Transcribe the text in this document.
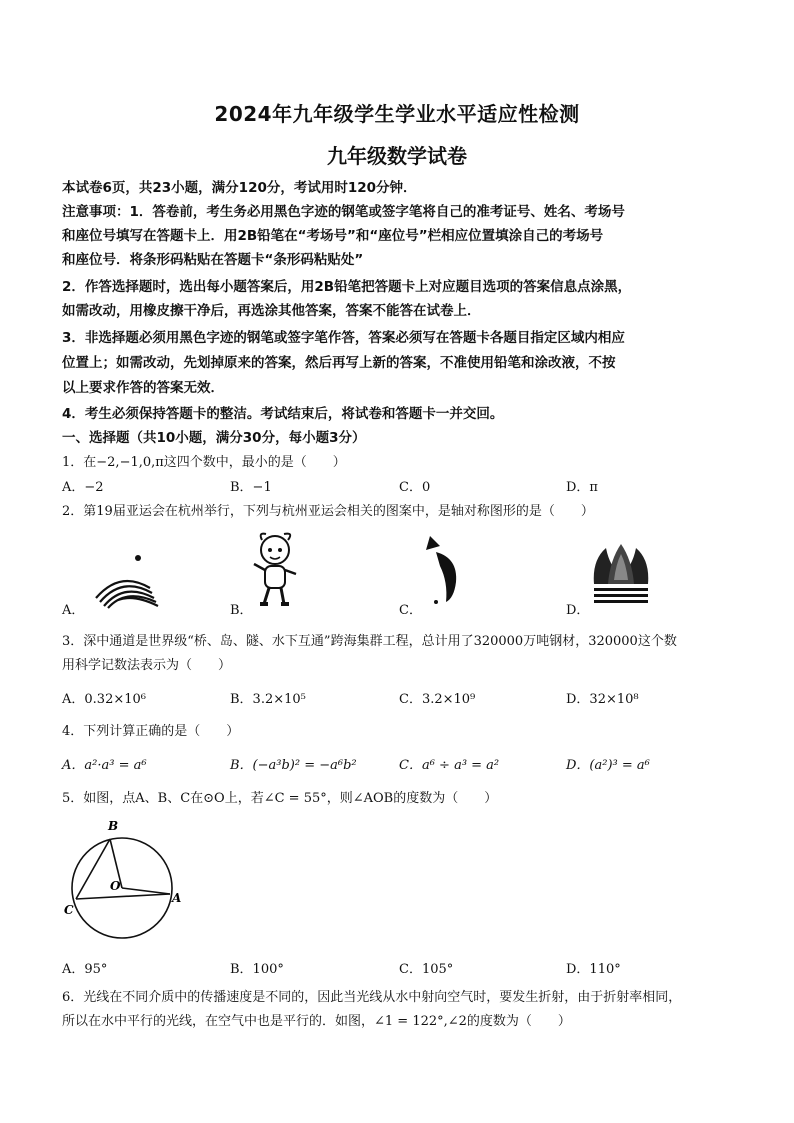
2024年九年级学生学业水平适应性检测
九年级数学试卷
本试卷6页，共23小题，满分120分，考试用时120分钟．
注意事项：1．答卷前，考生务必用黑色字迹的钢笔或签字笔将自己的准考证号、姓名、考场号
和座位号填写在答题卡上．用2B铅笔在“考场号”和“座位号”栏相应位置填涂自己的考场号
和座位号．将条形码粘贴在答题卡“条形码粘贴处”
2．作答选择题时，选出每小题答案后，用2B铅笔把答题卡上对应题目选项的答案信息点涂黑，
如需改动，用橡皮擦干净后，再选涂其他答案，答案不能答在试卷上．
3．非选择题必须用黑色字迹的钢笔或签字笔作答，答案必须写在答题卡各题目指定区域内相应
位置上；如需改动，先划掉原来的答案，然后再写上新的答案，不准使用铅笔和涂改液，不按
以上要求作答的答案无效．
4．考生必须保持答题卡的整洁。考试结束后，将试卷和答题卡一并交回。
一、选择题（共10小题，满分30分，每小题3分）
1．在−2,−1,0,π这四个数中，最小的是（　　）
A．−2	B．−1	C．0	D．π
2．第19届亚运会在杭州举行，下列与杭州亚运会相关的图案中，是轴对称图形的是（　　）
A．	B．	C．	D．
3．深中通道是世界级“桥、岛、隧、水下互通”跨海集群工程，总计用了320000万吨钢材，320000这个数
用科学记数法表示为（　　）
A．0.32×10⁶	B．3.2×10⁵	C．3.2×10⁹	D．32×10⁸
4．下列计算正确的是（　　）
A．a²·a³ = a⁶	B．(−a³b)² = −a⁶b²	C．a⁶ ÷ a³ = a²	D．(a²)³ = a⁶
5．如图，点A、B、C在⊙O上，若∠C = 55°，则∠AOB的度数为（　　）
B
O
C
A
A．95°	B．100°	C．105°	D．110°
6．光线在不同介质中的传播速度是不同的，因此当光线从水中射向空气时，要发生折射，由于折射率相同，
所以在水中平行的光线，在空气中也是平行的．如图，∠1 = 122°,∠2的度数为（　　）
